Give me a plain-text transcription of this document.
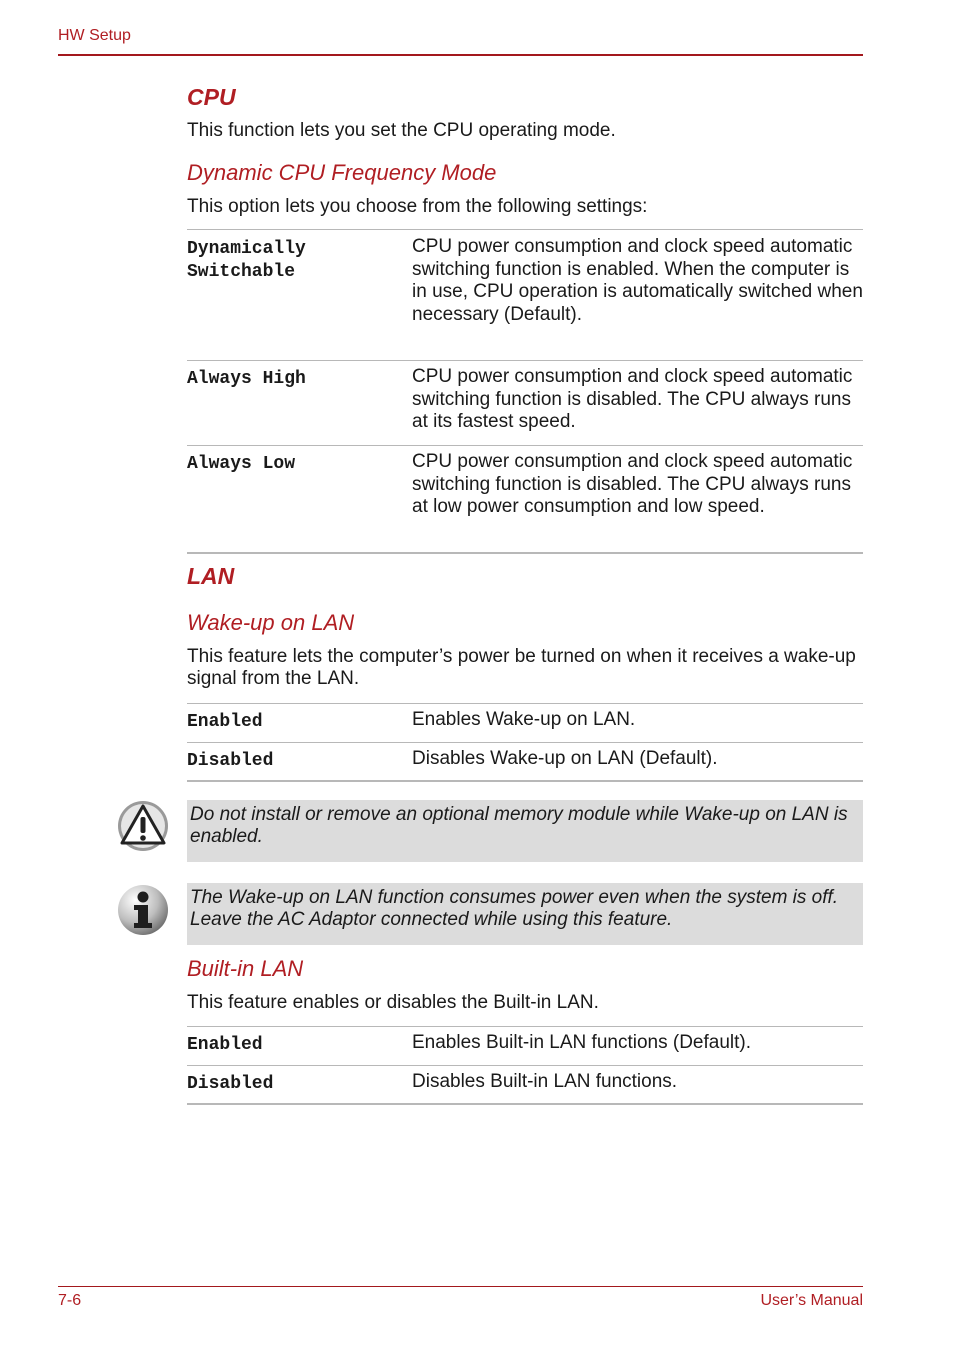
HW Setup
CPU
This function lets you set the CPU operating mode.
Dynamic CPU Frequency Mode
This option lets you choose from the following settings:
Dynamically
Switchable	CPU power consumption and clock speed automatic switching function is enabled. When the computer is in use, CPU operation is automatically switched when necessary (Default).
Always High	CPU power consumption and clock speed automatic switching function is disabled. The CPU always runs at its fastest speed.
Always Low	CPU power consumption and clock speed automatic switching function is disabled. The CPU always runs at low power consumption and low speed.
LAN
Wake-up on LAN
This feature lets the computer’s power be turned on when it receives a wake-up signal from the LAN.
Enabled	Enables Wake-up on LAN.
Disabled	Disables Wake-up on LAN (Default).
Do not install or remove an optional memory module while Wake-up on LAN is enabled.
The Wake-up on LAN function consumes power even when the system is off. Leave the AC Adaptor connected while using this feature.
Built-in LAN
This feature enables or disables the Built-in LAN.
Enabled	Enables Built-in LAN functions (Default).
Disabled	Disables Built-in LAN functions.
7-6	User’s Manual
